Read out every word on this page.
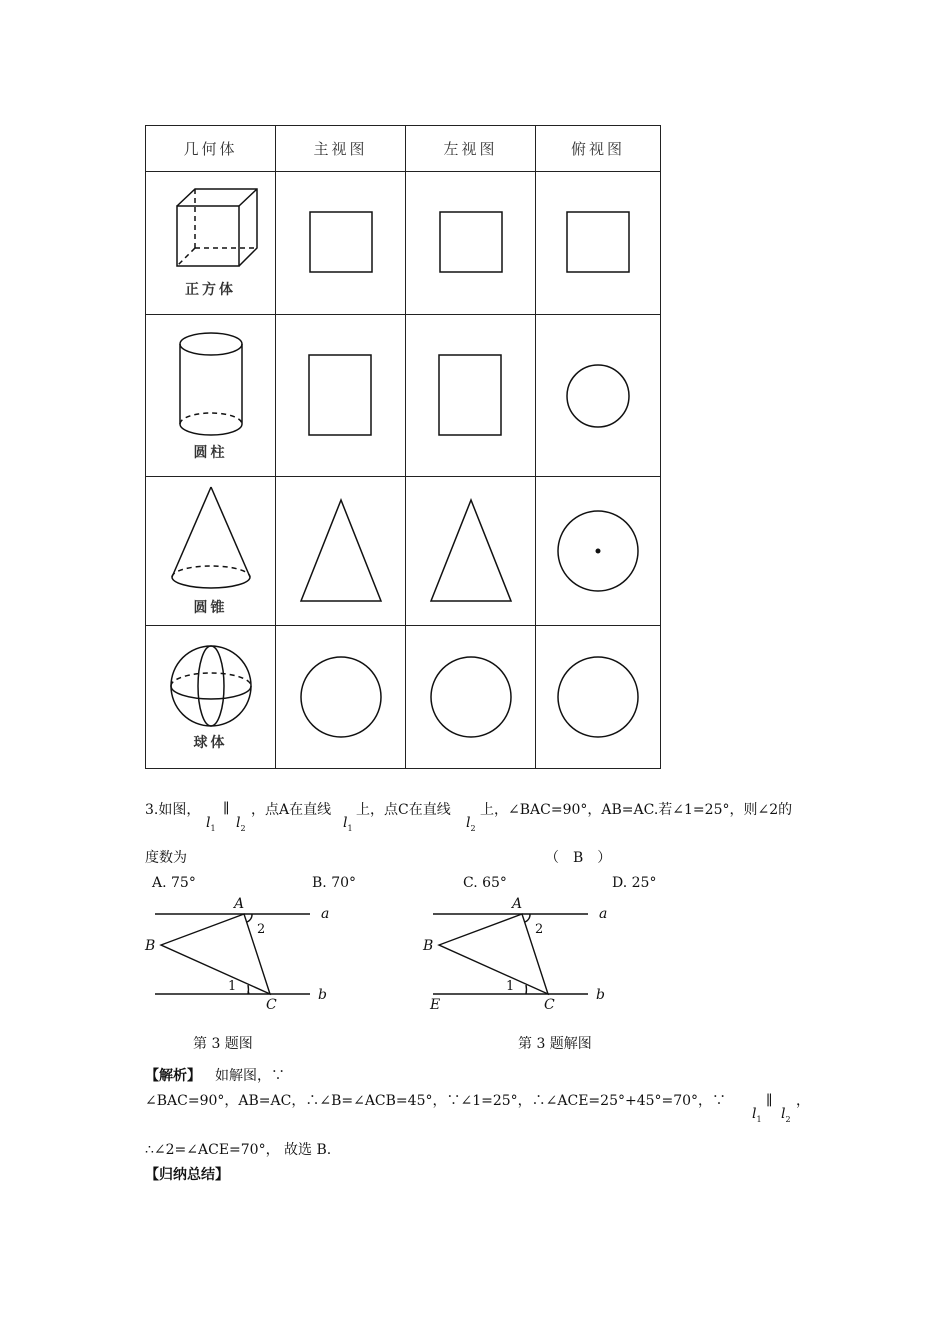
几何体	主视图	左视图	俯视图

正方体

圆柱

圆锥

球体

3.如图，
$l_1$
∥
$l_2$
，点A在直线
$l_1$
上，点C在直线
$l_2$
上，∠BAC=90°，AB=AC.若∠1=25°，则∠2的
度数为	（　B　）
A. 75°	B. 70°	C. 65°	D. 25°
A
B
C
a
b
1
2
第 3 题图
A
B
C
E
a
b
1
2
第 3 题解图
【解析】 如解图，∵
∠BAC=90°，AB=AC，∴∠B=∠ACB=45°，∵∠1=25°，∴∠ACE=25°+45°=70°，∵
$l_1$
∥
$l_2$
，
∴∠2=∠ACE=70°， 故选 B.
【归纳总结】
